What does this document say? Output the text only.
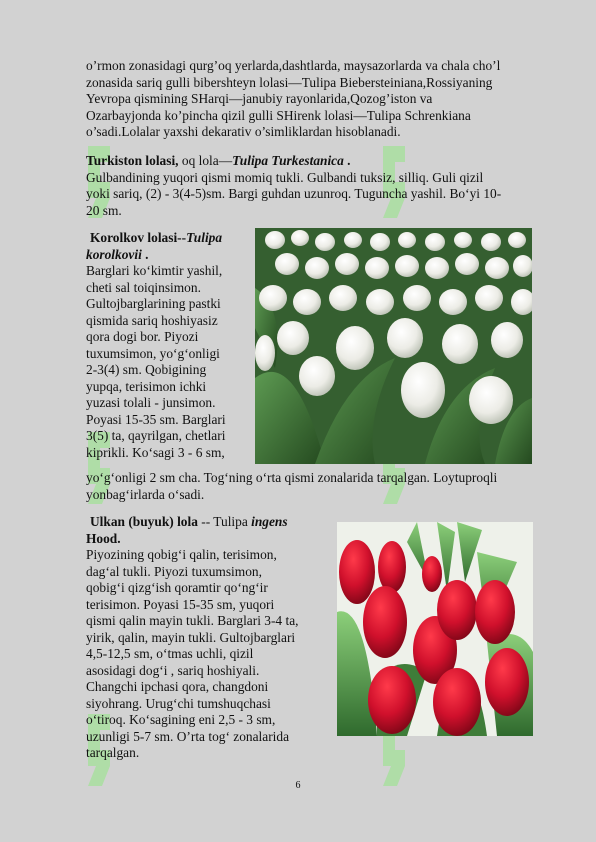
o’rmon zonasidagi qurg’oq yerlarda,dashtlarda, maysazorlarda va chala cho’l

zonasida sariq gulli bibershteyn lolasi—Tulipa Biebersteiniana,Rossiyaning

Yevropa qismining SHarqi—janubiy rayonlarida,Qozog’iston va

Ozarbayjonda ko’pincha qizil gulli SHirenk lolasi—Tulipa Schrenkiana

o’sadi.Lolalar yaxshi dekarativ o’simliklardan hisoblanadi.

Turkiston lolasi, oq lola—Tulipa Turkestanica .

Gulbandining yuqori qismi momiq tukli. Gulbandi tuksiz, silliq. Guli qizil

yoki sariq, (2) - 3(4-5)sm. Bargi guhdan uzunroq. Tuguncha yashil. Bo‘yi 10-

20 sm.

Korolkov lolasi--Tulipa

korolkovii .

Barglari ko‘kimtir yashil,

cheti sal toiqinsimon.

Gultojbarglarining pastki

qismida sariq hoshiyasiz

qora dogi bor. Piyozi

tuxumsimon, yo‘g‘onligi

2-3(4) sm. Qobigining

yupqa, terisimon ichki

yuzasi tolali - junsimon.

Poyasi 15-35 sm. Barglari

3(5) ta, qayrilgan, chetlari

kiprikli. Ko‘sagi 3 - 6 sm,

yo‘g‘onligi 2 sm cha. Tog‘ning o‘rta qismi zonalarida tarqalgan. Loytuproqli

yonbag‘irlarda o‘sadi.

Ulkan (buyuk) lola -- Tulipa ingens

Hood.

Piyozining qobig‘i qalin, terisimon,

dag‘al tukli. Piyozi tuxumsimon,

qobig‘i qizg‘ish qoramtir qo‘ng‘ir

terisimon. Poyasi 15-35 sm, yuqori

qismi qalin mayin tukli. Barglari 3-4 ta,

yirik, qalin, mayin tukli. Gultojbarglari

4,5-12,5 sm, o‘tmas uchli, qizil

asosidagi dog‘i , sariq hoshiyali.

Changchi ipchasi qora, changdoni

siyohrang. Urug‘chi tumshuqchasi

o‘tiroq. Ko‘sagining eni 2,5 - 3 sm,

uzunligi 5-7 sm. O’rta tog‘ zonalarida

tarqalgan.

6
